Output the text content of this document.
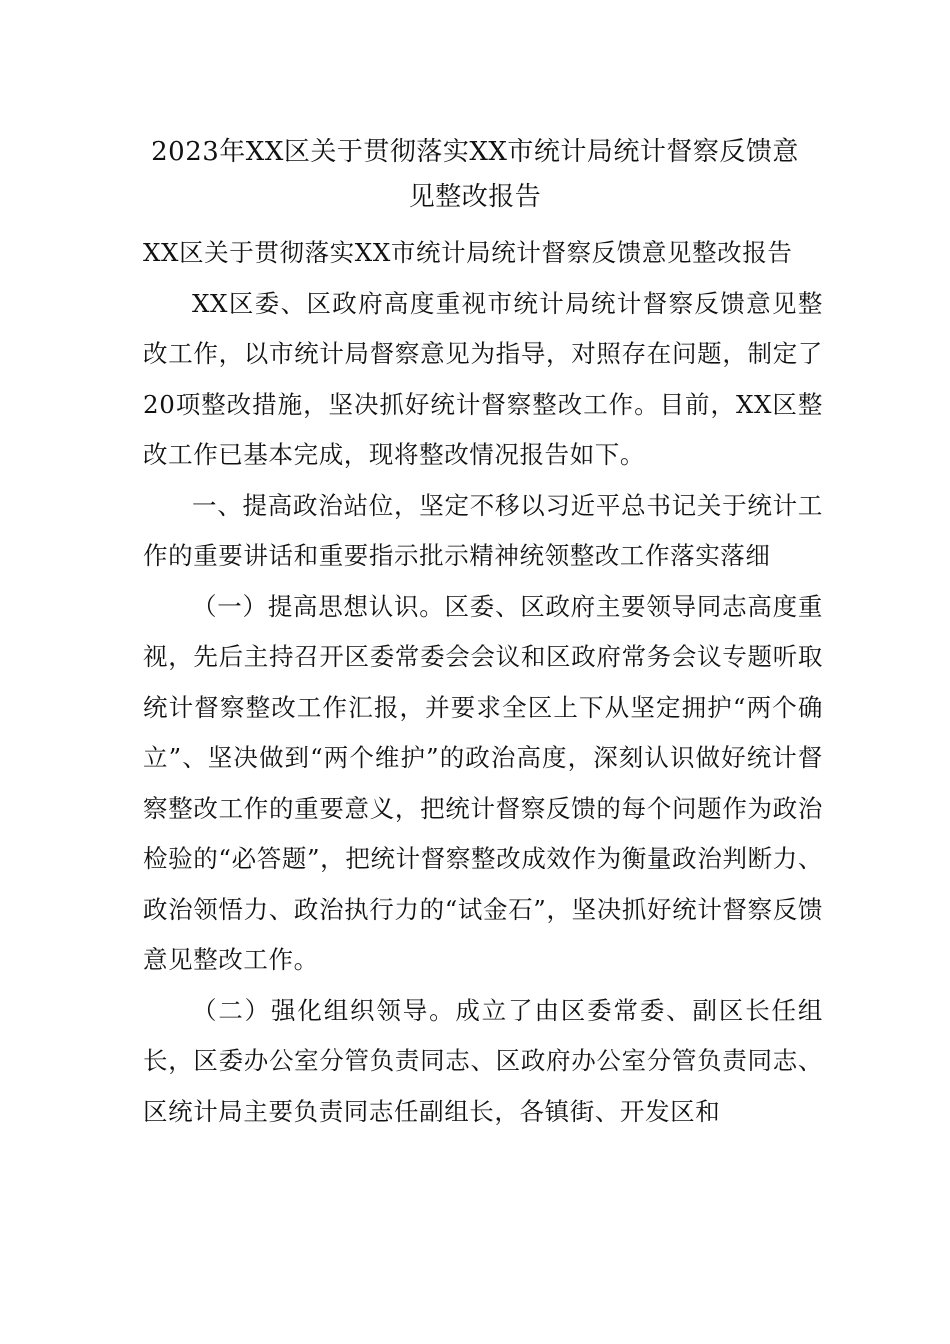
2023年XX区关于贯彻落实XX市统计局统计督察反馈意
见整改报告

XX区关于贯彻落实XX市统计局统计督察反馈意见整改报告

XX区委、区政府高度重视市统计局统计督察反馈意见整改工作，以市统计局督察意见为指导，对照存在问题，制定了20项整改措施，坚决抓好统计督察整改工作。目前，XX区整改工作已基本完成，现将整改情况报告如下。

一、提高政治站位，坚定不移以习近平总书记关于统计工作的重要讲话和重要指示批示精神统领整改工作落实落细

（一）提高思想认识。区委、区政府主要领导同志高度重视，先后主持召开区委常委会会议和区政府常务会议专题听取统计督察整改工作汇报，并要求全区上下从坚定拥护“两个确立”、坚决做到“两个维护”的政治高度，深刻认识做好统计督察整改工作的重要意义，把统计督察反馈的每个问题作为政治检验的“必答题”，把统计督察整改成效作为衡量政治判断力、政治领悟力、政治执行力的“试金石”，坚决抓好统计督察反馈意见整改工作。

（二）强化组织领导。成立了由区委常委、副区长任组长，区委办公室分管负责同志、区政府办公室分管负责同志、区统计局主要负责同志任副组长，各镇街、开发区和
